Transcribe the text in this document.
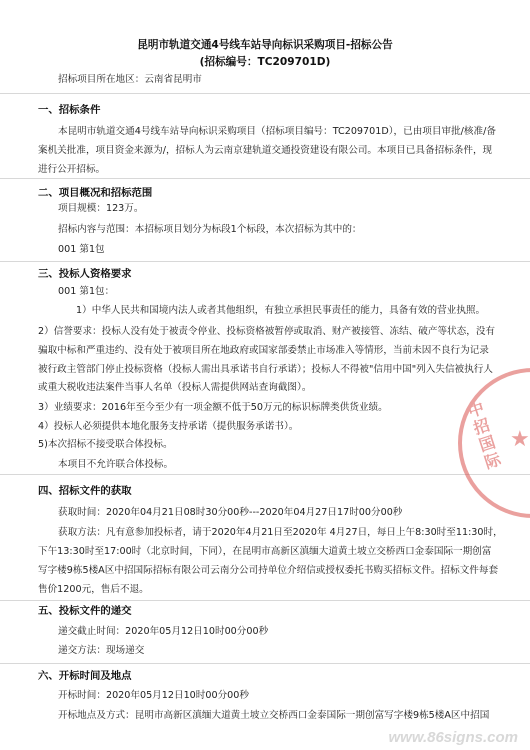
昆明市轨道交通4号线车站导向标识采购项目-招标公告
(招标编号：TC209701D)
招标项目所在地区：云南省昆明市
一、招标条件
本昆明市轨道交通4号线车站导向标识采购项目（招标项目编号：TC209701D），已由项目审批/核准/备
案机关批准，项目资金来源为/，招标人为云南京建轨道交通投资建设有限公司。本项目已具备招标条件，现
进行公开招标。
二、项目概况和招标范围
项目规模：123万。
招标内容与范围：本招标项目划分为标段1个标段，本次招标为其中的：
001 第1包
三、投标人资格要求
001 第1包：
1）中华人民共和国境内法人或者其他组织，有独立承担民事责任的能力，具备有效的营业执照。
2）信誉要求：投标人没有处于被责令停业、投标资格被暂停或取消、财产被接管、冻结、破产等状态，没有
骗取中标和严重违约、没有处于被项目所在地政府或国家部委禁止市场准入等情形，当前未因不良行为记录
被行政主管部门停止投标资格（投标人需出具承诺书自行承诺）；投标人不得被"信用中国"列入失信被执行人
或重大税收违法案件当事人名单（投标人需提供网站查询截图）。
3）业绩要求：2016年至今至少有一项金额不低于50万元的标识标牌类供货业绩。
4）投标人必须提供本地化服务支持承诺（提供服务承诺书）。
5)本次招标不接受联合体投标。
本项目不允许联合体投标。
四、招标文件的获取
获取时间：2020年04月21日08时30分00秒---2020年04月27日17时00分00秒
获取方法：凡有意参加投标者，请于2020年4月21日至2020年 4月27日，每日上午8:30时至11:30时，
下午13:30时至17:00时（北京时间，下同），在昆明市高新区滇缅大道黄土坡立交桥西口金泰国际一期创富
写字楼9栋5楼A区中招国际招标有限公司云南分公司持单位介绍信或授权委托书购买招标文件。招标文件每套
售价1200元，售后不退。
五、投标文件的递交
递交截止时间：2020年05月12日10时00分00秒
递交方法：现场递交
六、开标时间及地点
开标时间：2020年05月12日10时00分00秒
开标地点及方式：昆明市高新区滇缅大道黄土坡立交桥西口金泰国际一期创富写字楼9栋5楼A区中招国
中招国际 ★
www.86signs.com
